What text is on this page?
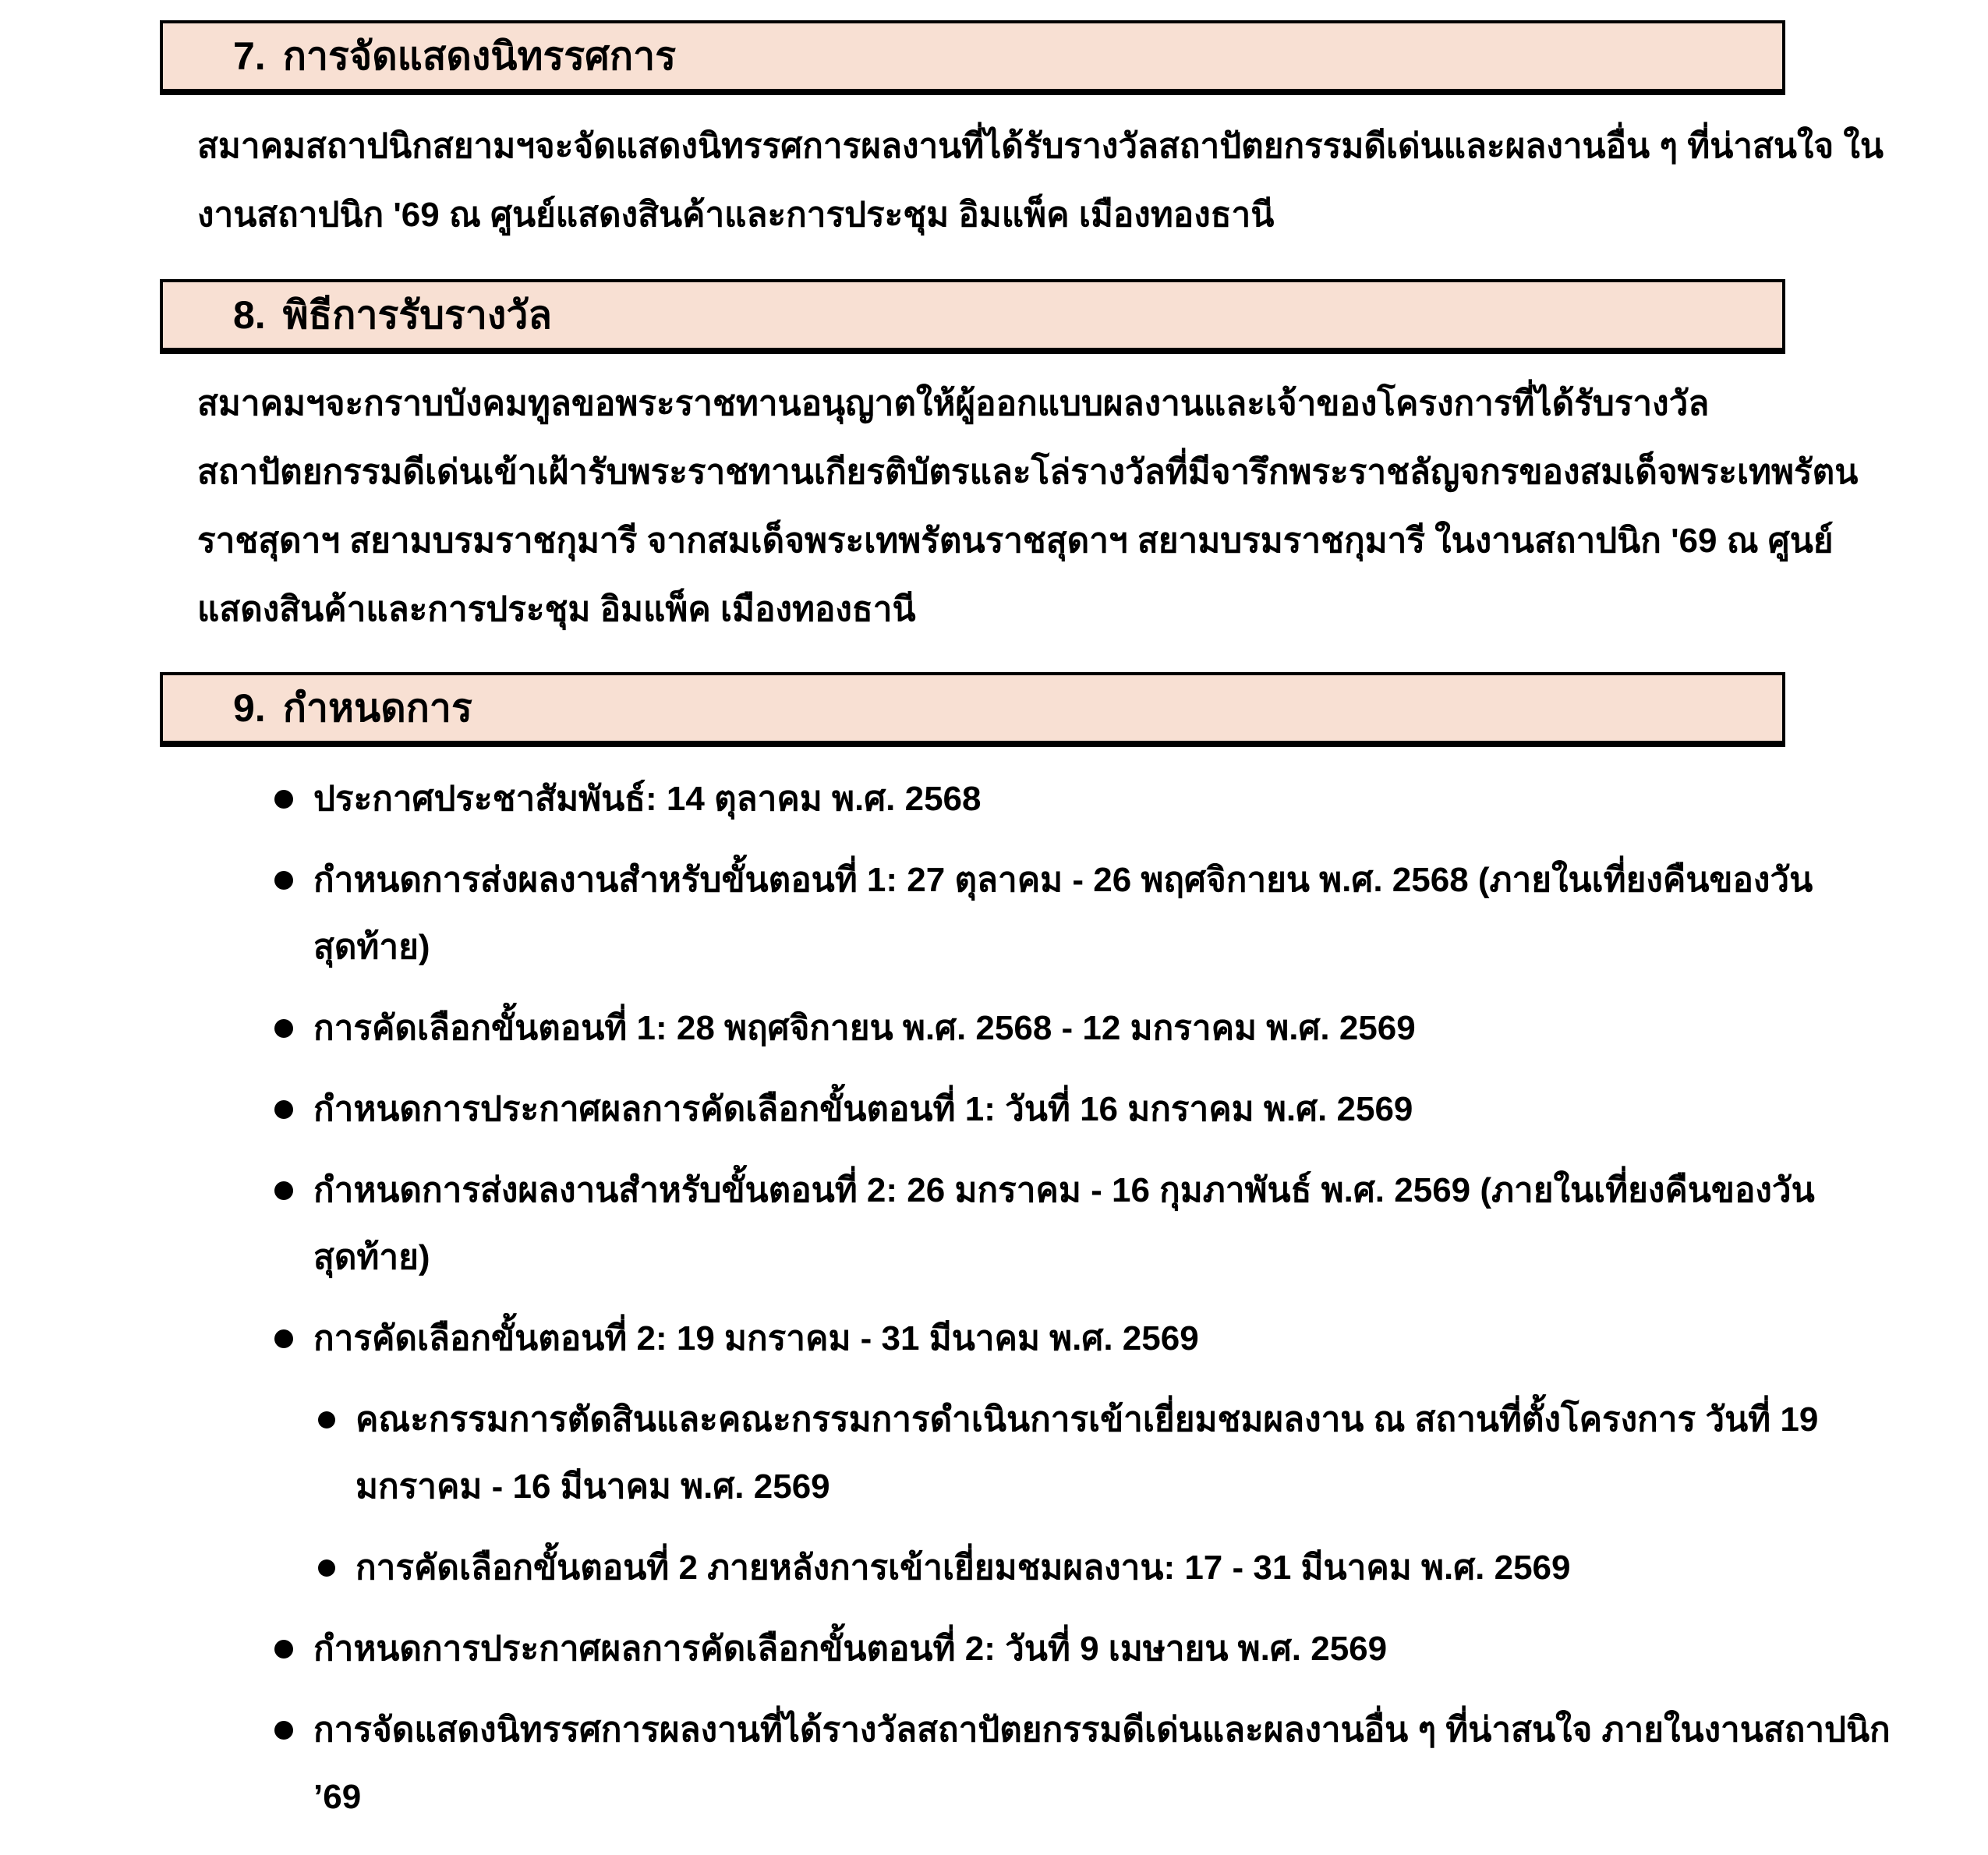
7. การจัดแสดงนิทรรศการ

สมาคมสถาปนิกสยามฯจะจัดแสดงนิทรรศการผลงานที่ได้รับรางวัลสถาปัตยกรรมดีเด่นและผลงานอื่น ๆ ที่น่าสนใจ ในงานสถาปนิก '69 ณ ศูนย์แสดงสินค้าและการประชุม อิมแพ็ค เมืองทองธานี

8. พิธีการรับรางวัล

สมาคมฯจะกราบบังคมทูลขอพระราชทานอนุญาตให้ผู้ออกแบบผลงานและเจ้าของโครงการที่ได้รับรางวัลสถาปัตยกรรมดีเด่นเข้าเฝ้ารับพระราชทานเกียรติบัตรและโล่รางวัลที่มีจารึกพระราชลัญจกรของสมเด็จพระเทพรัตนราชสุดาฯ สยามบรมราชกุมารี จากสมเด็จพระเทพรัตนราชสุดาฯ สยามบรมราชกุมารี ในงานสถาปนิก '69 ณ ศูนย์แสดงสินค้าและการประชุม อิมแพ็ค เมืองทองธานี

9. กำหนดการ
ประกาศประชาสัมพันธ์: 14 ตุลาคม พ.ศ. 2568
กำหนดการส่งผลงานสำหรับขั้นตอนที่ 1: 27 ตุลาคม - 26 พฤศจิกายน พ.ศ. 2568 (ภายในเที่ยงคืนของวันสุดท้าย)
การคัดเลือกขั้นตอนที่ 1: 28 พฤศจิกายน พ.ศ. 2568 - 12 มกราคม พ.ศ. 2569
กำหนดการประกาศผลการคัดเลือกขั้นตอนที่ 1: วันที่ 16 มกราคม พ.ศ. 2569
กำหนดการส่งผลงานสำหรับขั้นตอนที่ 2: 26 มกราคม - 16 กุมภาพันธ์ พ.ศ. 2569 (ภายในเที่ยงคืนของวันสุดท้าย)
การคัดเลือกขั้นตอนที่ 2: 19 มกราคม - 31 มีนาคม พ.ศ. 2569
คณะกรรมการตัดสินและคณะกรรมการดำเนินการเข้าเยี่ยมชมผลงาน ณ สถานที่ตั้งโครงการ วันที่ 19 มกราคม - 16 มีนาคม พ.ศ. 2569
การคัดเลือกขั้นตอนที่ 2 ภายหลังการเข้าเยี่ยมชมผลงาน: 17 - 31 มีนาคม พ.ศ. 2569
กำหนดการประกาศผลการคัดเลือกขั้นตอนที่ 2: วันที่ 9 เมษายน พ.ศ. 2569
การจัดแสดงนิทรรศการผลงานที่ได้รางวัลสถาปัตยกรรมดีเด่นและผลงานอื่น ๆ ที่น่าสนใจ ภายในงานสถาปนิก ’69
